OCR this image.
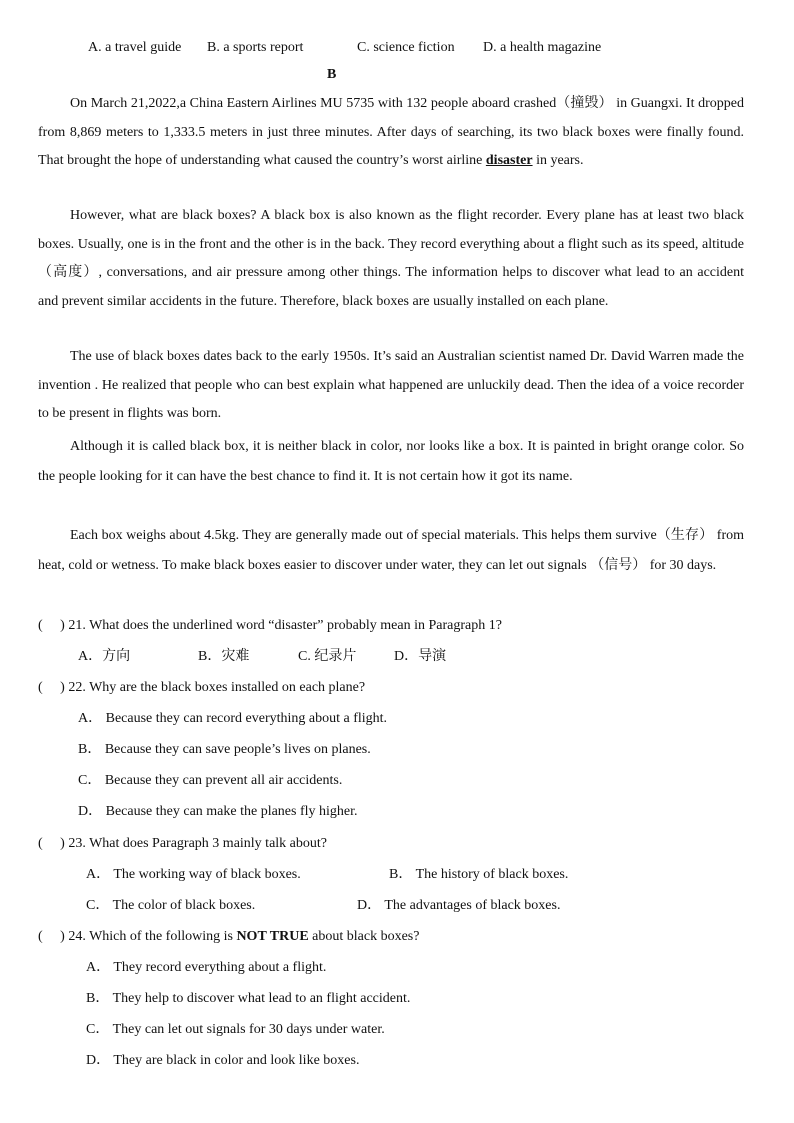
A. a travel guide B. a sports report	C. science fiction D. a health magazine
B
On March 21,2022,a China Eastern Airlines MU 5735 with 132 people aboard crashed（撞毁） in Guangxi. It dropped from 8,869 meters to 1,333.5 meters in just three minutes. After days of searching, its two black boxes were finally found. That brought the hope of understanding what caused the country’s worst airline disaster in years.
However, what are black boxes? A black box is also known as the flight recorder. Every plane has at least two black boxes. Usually, one is in the front and the other is in the back. They record everything about a flight such as its speed, altitude （高度）, conversations, and air pressure among other things. The information helps to discover what lead to an accident and prevent similar accidents in the future. Therefore, black boxes are usually installed on each plane.
The use of black boxes dates back to the early 1950s. It’s said an Australian scientist named Dr. David Warren made the invention . He realized that people who can best explain what happened are unluckily dead. Then the idea of a voice recorder to be present in flights was born.
Although it is called black box, it is neither black in color, nor looks like a box. It is painted in bright orange color. So the people looking for it can have the best chance to find it. It is not certain how it got its name.
Each box weighs about 4.5kg. They are generally made out of special materials. This helps them survive（生存） from heat, cold or wetness. To make black boxes easier to discover under water, they can let out signals （信号） for 30 days.
(　 ) 21. What does the underlined word “disaster” probably mean in Paragraph 1?
A．方向	B．灾难	C. 纪录片	D．导演
(　 ) 22. Why are the black boxes installed on each plane?
A． Because they can record everything about a flight.
B． Because they can save people’s lives on planes.
C． Because they can prevent all air accidents.
D． Because they can make the planes fly higher.
(　 ) 23. What does Paragraph 3 mainly talk about?
A． The working way of black boxes.	B． The history of black boxes.
C． The color of black boxes.	D． The advantages of black boxes.
(　 ) 24. Which of the following is NOT TRUE about black boxes?
A． They record everything about a flight.
B． They help to discover what lead to an flight accident.
C． They can let out signals for 30 days under water.
D． They are black in color and look like boxes.
